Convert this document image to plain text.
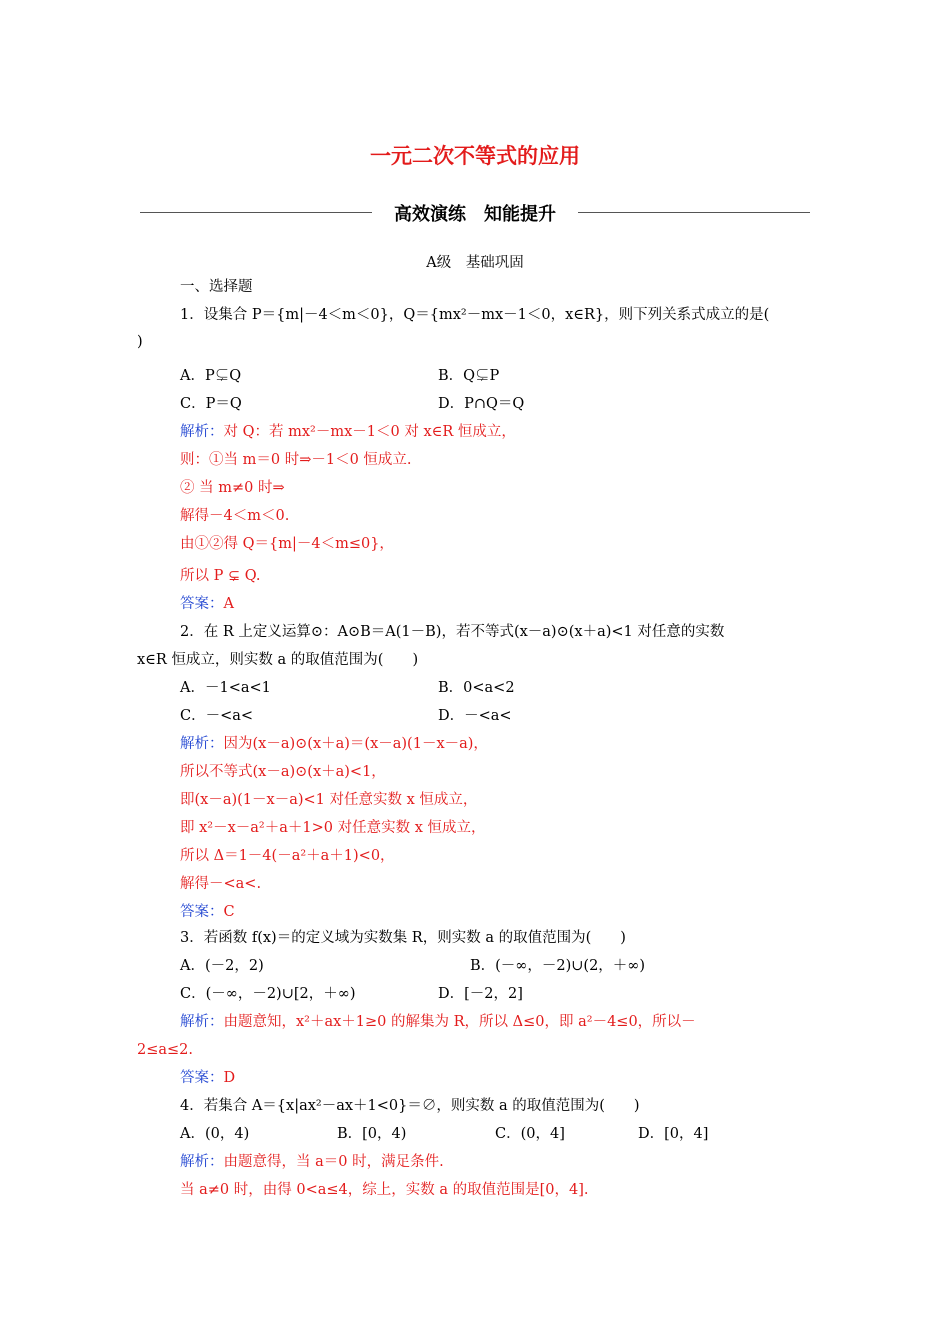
一元二次不等式的应用
高效演练　知能提升
A级　基础巩固
一、选择题
1．设集合 P＝{m|－4＜m＜0}，Q＝{mx²－mx－1＜0，x∈R}，则下列关系式成立的是(
)
A．P⊊Q	B．Q⊊P
C．P＝Q	D．P∩Q＝Q
解析：对 Q：若 mx²－mx－1＜0 对 x∈R 恒成立，
则：①当 m＝0 时⇒－1＜0 恒成立.
② 当 m≠0 时⇒
解得－4＜m＜0.
由①②得 Q＝{m|－4＜m≤0}，
所以 P ⊊ Q.
答案：A
2．在 R 上定义运算⊙：A⊙B＝A(1－B)，若不等式(x－a)⊙(x＋a)<1 对任意的实数
x∈R 恒成立，则实数 a 的取值范围为(　　)
A．－1<a<1	B．0<a<2
C．－<a<	D．－<a<
解析：因为(x－a)⊙(x＋a)＝(x－a)(1－x－a)，
所以不等式(x－a)⊙(x＋a)<1，
即(x－a)(1－x－a)<1 对任意实数 x 恒成立，
即 x²－x－a²＋a＋1>0 对任意实数 x 恒成立，
所以 Δ＝1－4(－a²＋a＋1)<0，
解得－<a<.
答案：C
3．若函数 f(x)＝的定义域为实数集 R，则实数 a 的取值范围为(　　)
A．(－2，2)	B．(－∞，－2)∪(2，＋∞)
C．(－∞，－2)∪[2，＋∞)	D．[－2，2]
解析：由题意知，x²＋ax＋1≥0 的解集为 R，所以 Δ≤0，即 a²－4≤0，所以－
2≤a≤2.
答案：D
4．若集合 A＝{x|ax²－ax＋1<0}＝∅，则实数 a 的取值范围为(　　)
A．(0，4)	B．[0，4)	C．(0，4]	D．[0，4]
解析：由题意得，当 a＝0 时，满足条件.
当 a≠0 时，由得 0<a≤4，综上，实数 a 的取值范围是[0，4].
